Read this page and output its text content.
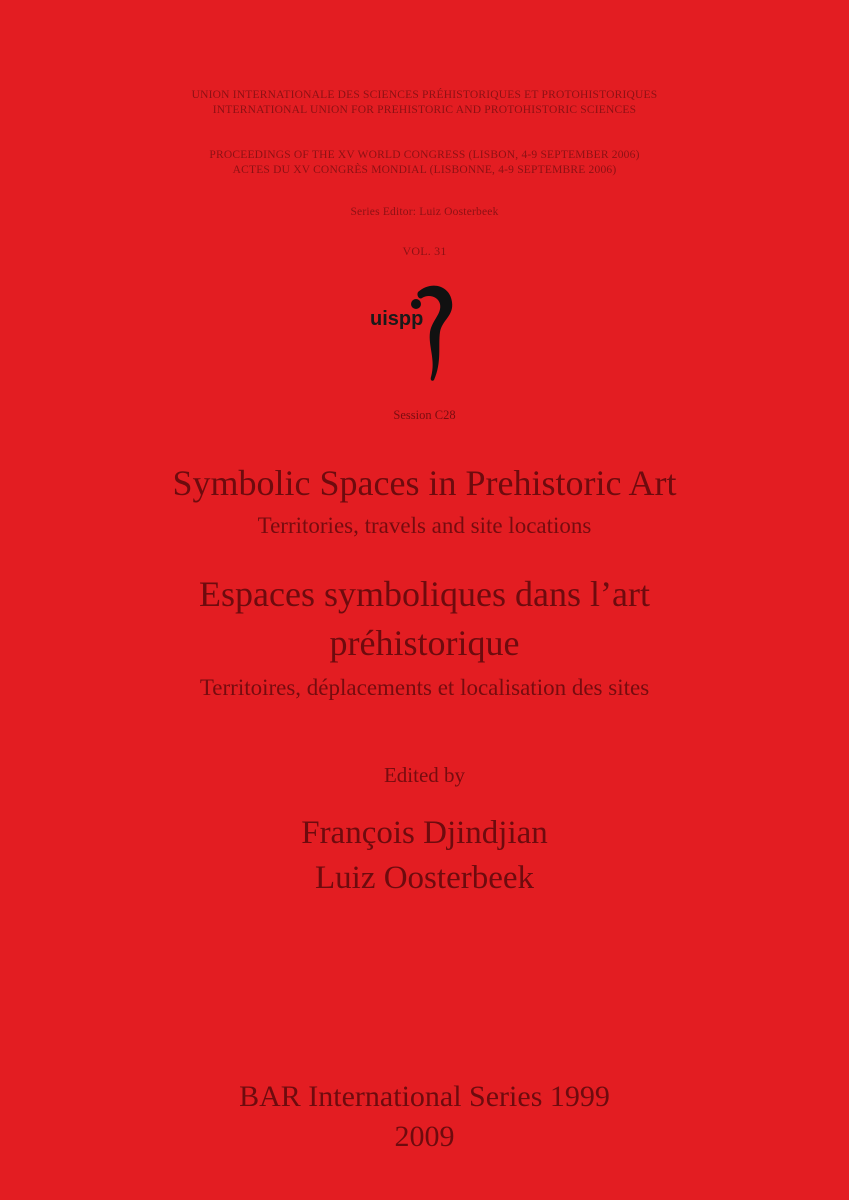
UNION INTERNATIONALE DES SCIENCES PRÉHISTORIQUES ET PROTOHISTORIQUES
INTERNATIONAL UNION FOR PREHISTORIC AND PROTOHISTORIC SCIENCES
PROCEEDINGS OF THE XV WORLD CONGRESS (LISBON, 4-9 SEPTEMBER 2006)
ACTES DU XV CONGRÈS MONDIAL (LISBONNE, 4-9 SEPTEMBRE 2006)
Series Editor: Luiz Oosterbeek
VOL. 31
uispp
Session C28
Symbolic Spaces in Prehistoric Art
Territories, travels and site locations
Espaces symboliques dans l’art
préhistorique
Territoires, déplacements et localisation des sites
Edited by
François Djindjian
Luiz Oosterbeek
BAR International Series 1999
2009
